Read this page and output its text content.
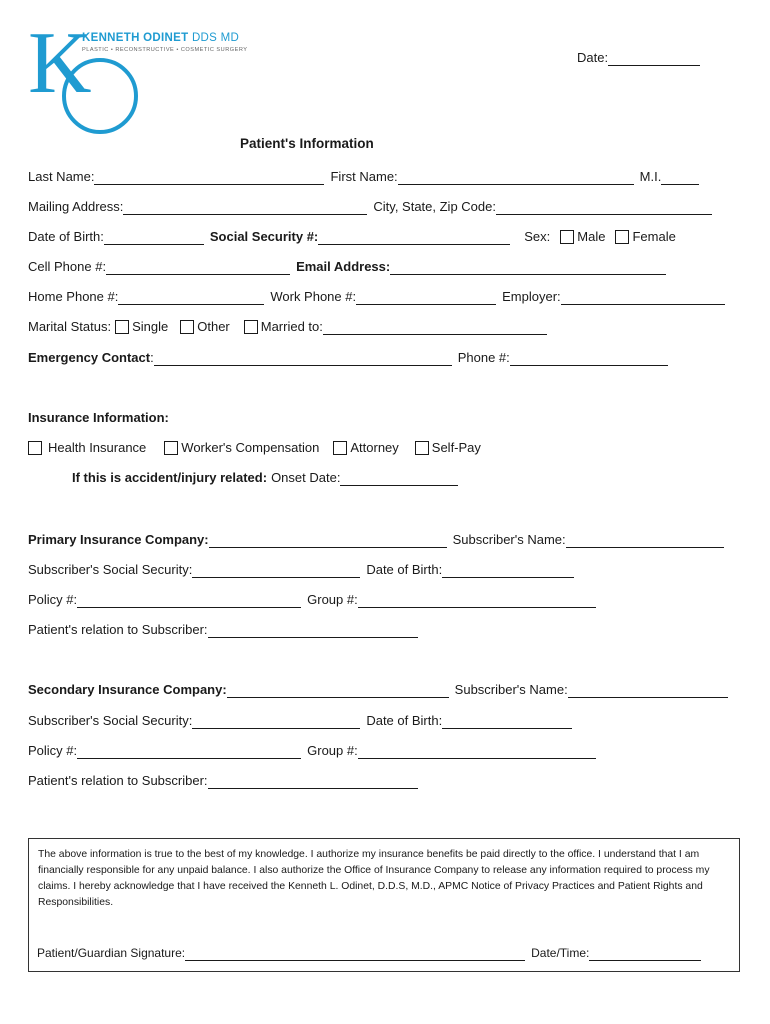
K
KENNETH ODINET DDS MD
PLASTIC • RECONSTRUCTIVE • COSMETIC SURGERY	Date:
Patient's Information
Last Name:	First Name:	M.I.
Mailing Address:	City, State, Zip Code:
Date of Birth:	Social Security #:	Sex: Male Female
Cell Phone #:	Email Address:
Home Phone #:	Work Phone #:	Employer:
Marital Status: Single Other Married to:
Emergency Contact :	Phone #:
Insurance Information:
Health Insurance	Worker's Compensation Attorney	Self-Pay
If this is accident/injury related: Onset Date:
Primary Insurance Company:	Subscriber's Name:
Subscriber's Social Security:	Date of Birth:
Policy #:	Group #:
Patient's relation to Subscriber:
Secondary Insurance Company:	Subscriber's Name:
Subscriber's Social Security:	Date of Birth:
Policy #:	Group #:
Patient's relation to Subscriber:
The above information is true to the best of my knowledge. I authorize my insurance benefits be paid directly to the office. I understand that I am financially responsible for any unpaid balance. I also authorize the Office of Insurance Company to release any information required to process my claims. I hereby acknowledge that I have received the Kenneth L. Odinet, D.D.S, M.D., APMC Notice of Privacy Practices and Patient Rights and Responsibilities.
Patient/Guardian Signature:	Date/Time:
